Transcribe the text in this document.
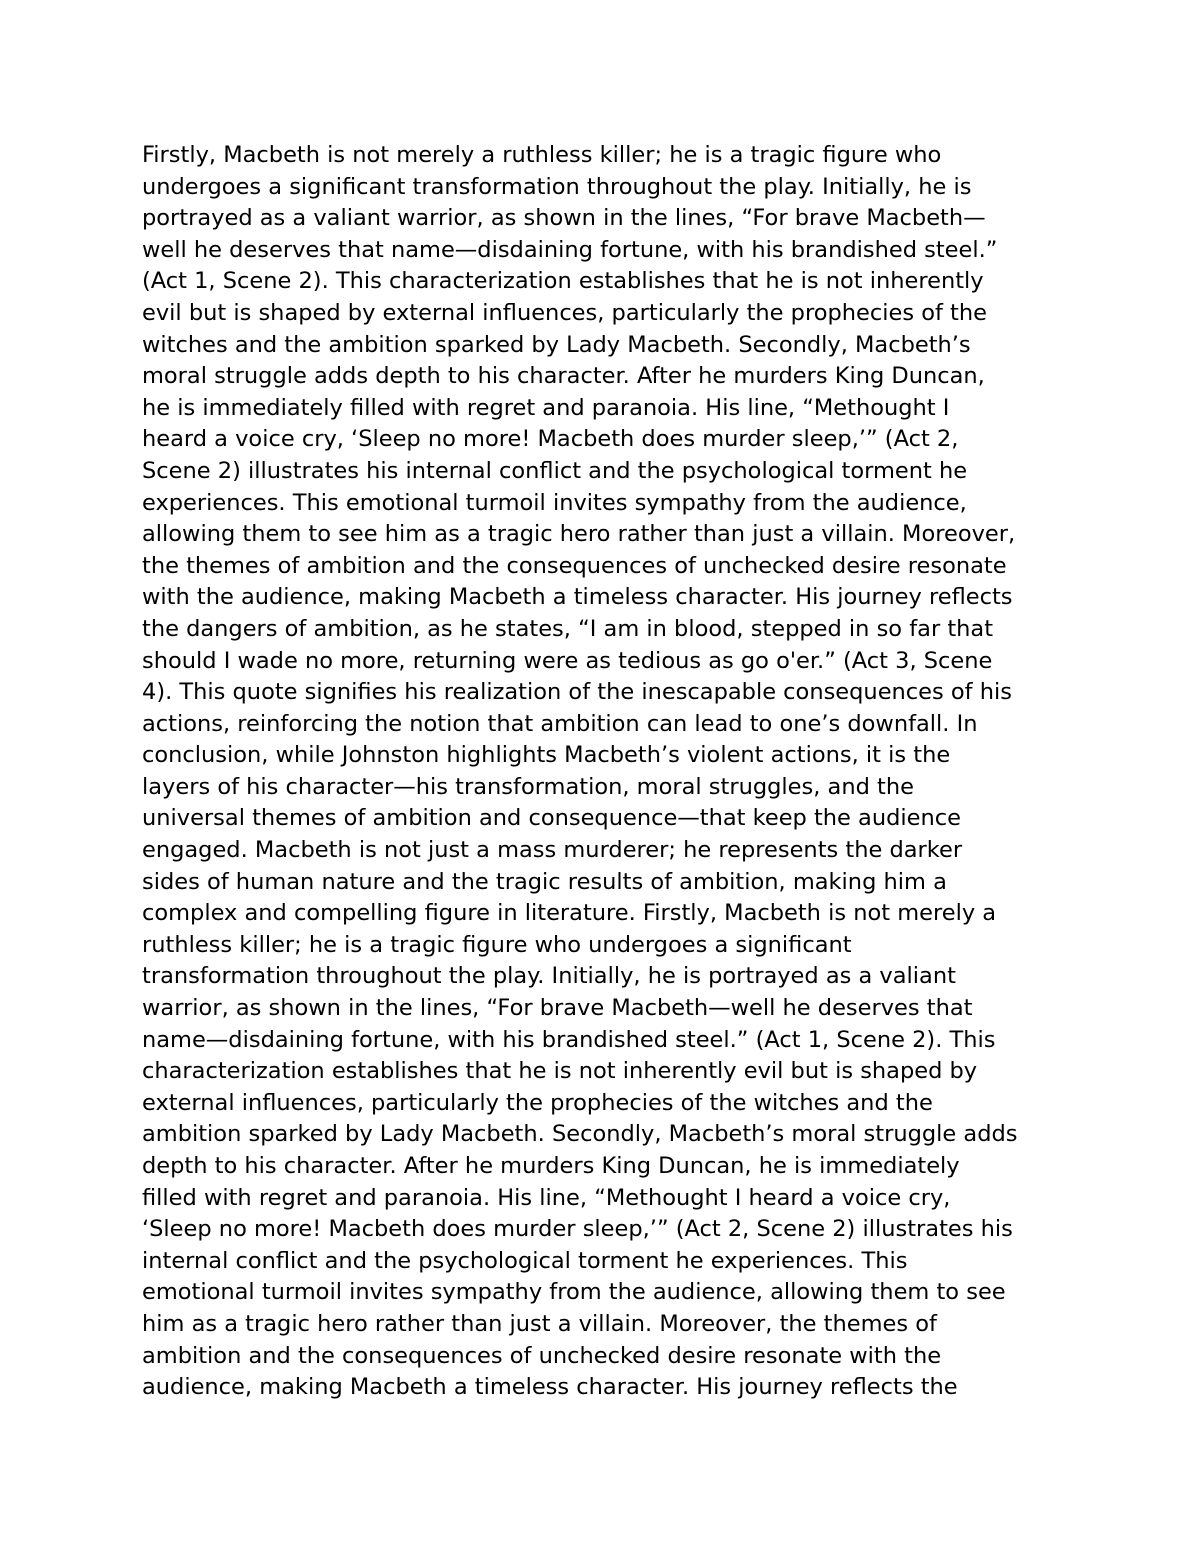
Firstly, Macbeth is not merely a ruthless killer; he is a tragic figure who
undergoes a significant transformation throughout the play. Initially, he is
portrayed as a valiant warrior, as shown in the lines, “For brave Macbeth—
well he deserves that name—disdaining fortune, with his brandished steel.”
(Act 1, Scene 2). This characterization establishes that he is not inherently
evil but is shaped by external influences, particularly the prophecies of the
witches and the ambition sparked by Lady Macbeth. Secondly, Macbeth’s
moral struggle adds depth to his character. After he murders King Duncan,
he is immediately filled with regret and paranoia. His line, “Methought I
heard a voice cry, ‘Sleep no more! Macbeth does murder sleep,’” (Act 2,
Scene 2) illustrates his internal conflict and the psychological torment he
experiences. This emotional turmoil invites sympathy from the audience,
allowing them to see him as a tragic hero rather than just a villain. Moreover,
the themes of ambition and the consequences of unchecked desire resonate
with the audience, making Macbeth a timeless character. His journey reflects
the dangers of ambition, as he states, “I am in blood, stepped in so far that
should I wade no more, returning were as tedious as go o'er.” (Act 3, Scene
4). This quote signifies his realization of the inescapable consequences of his
actions, reinforcing the notion that ambition can lead to one’s downfall. In
conclusion, while Johnston highlights Macbeth’s violent actions, it is the
layers of his character—his transformation, moral struggles, and the
universal themes of ambition and consequence—that keep the audience
engaged. Macbeth is not just a mass murderer; he represents the darker
sides of human nature and the tragic results of ambition, making him a
complex and compelling figure in literature. Firstly, Macbeth is not merely a
ruthless killer; he is a tragic figure who undergoes a significant
transformation throughout the play. Initially, he is portrayed as a valiant
warrior, as shown in the lines, “For brave Macbeth—well he deserves that
name—disdaining fortune, with his brandished steel.” (Act 1, Scene 2). This
characterization establishes that he is not inherently evil but is shaped by
external influences, particularly the prophecies of the witches and the
ambition sparked by Lady Macbeth. Secondly, Macbeth’s moral struggle adds
depth to his character. After he murders King Duncan, he is immediately
filled with regret and paranoia. His line, “Methought I heard a voice cry,
‘Sleep no more! Macbeth does murder sleep,’” (Act 2, Scene 2) illustrates his
internal conflict and the psychological torment he experiences. This
emotional turmoil invites sympathy from the audience, allowing them to see
him as a tragic hero rather than just a villain. Moreover, the themes of
ambition and the consequences of unchecked desire resonate with the
audience, making Macbeth a timeless character. His journey reflects the
